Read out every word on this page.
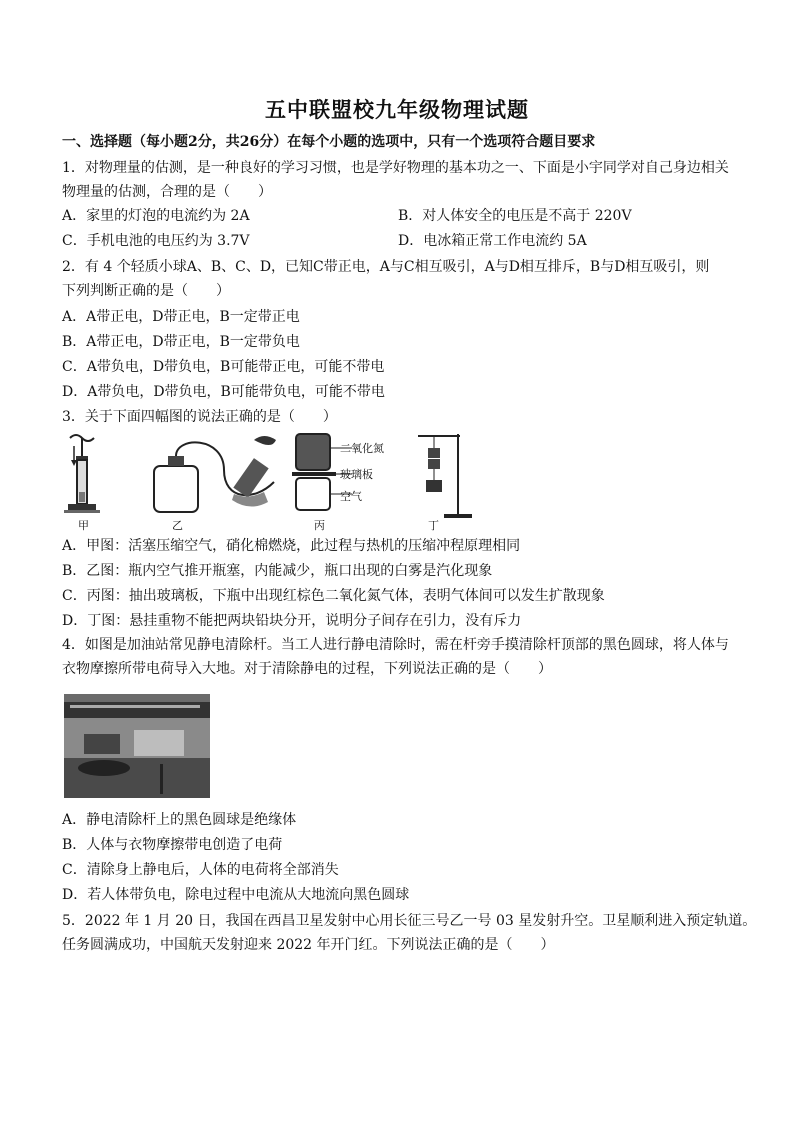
五中联盟校九年级物理试题
一、选择题（每小题2分，共26分）在每个小题的选项中，只有一个选项符合题目要求
1．对物理量的估测，是一种良好的学习习惯，也是学好物理的基本功之一、下面是小宇同学对自己身边相关
物理量的估测，合理的是（　　）
A．家里的灯泡的电流约为 2A	B．对人体安全的电压是不高于 220V
C．手机电池的电压约为 3.7V	D．电冰箱正常工作电流约 5A
2．有 4 个轻质小球A、B、C、D，已知C带正电，A与C相互吸引，A与D相互排斥，B与D相互吸引，则
下列判断正确的是（　　）
A．A带正电，D带正电，B一定带正电
B．A带正电，D带正电，B一定带负电
C．A带负电，D带负电，B可能带正电，可能不带电
D．A带负电，D带负电，B可能带负电，可能不带电
3．关于下面四幅图的说法正确的是（　　）
二氧化氮
玻璃板
空气
甲	乙	丙	丁
A．甲图：活塞压缩空气，硝化棉燃烧，此过程与热机的压缩冲程原理相同
B．乙图：瓶内空气推开瓶塞，内能减少，瓶口出现的白雾是汽化现象
C．丙图：抽出玻璃板，下瓶中出现红棕色二氧化氮气体，表明气体间可以发生扩散现象
D．丁图：悬挂重物不能把两块铅块分开，说明分子间存在引力，没有斥力
4．如图是加油站常见静电清除杆。当工人进行静电清除时，需在杆旁手摸清除杆顶部的黑色圆球，将人体与
衣物摩擦所带电荷导入大地。对于清除静电的过程，下列说法正确的是（　　）
A．静电清除杆上的黑色圆球是绝缘体
B．人体与衣物摩擦带电创造了电荷
C．清除身上静电后，人体的电荷将全部消失
D．若人体带负电，除电过程中电流从大地流向黑色圆球
5．2022 年 1 月 20 日，我国在西昌卫星发射中心用长征三号乙一号 03 星发射升空。卫星顺利进入预定轨道。
任务圆满成功，中国航天发射迎来 2022 年开门红。下列说法正确的是（　　）
